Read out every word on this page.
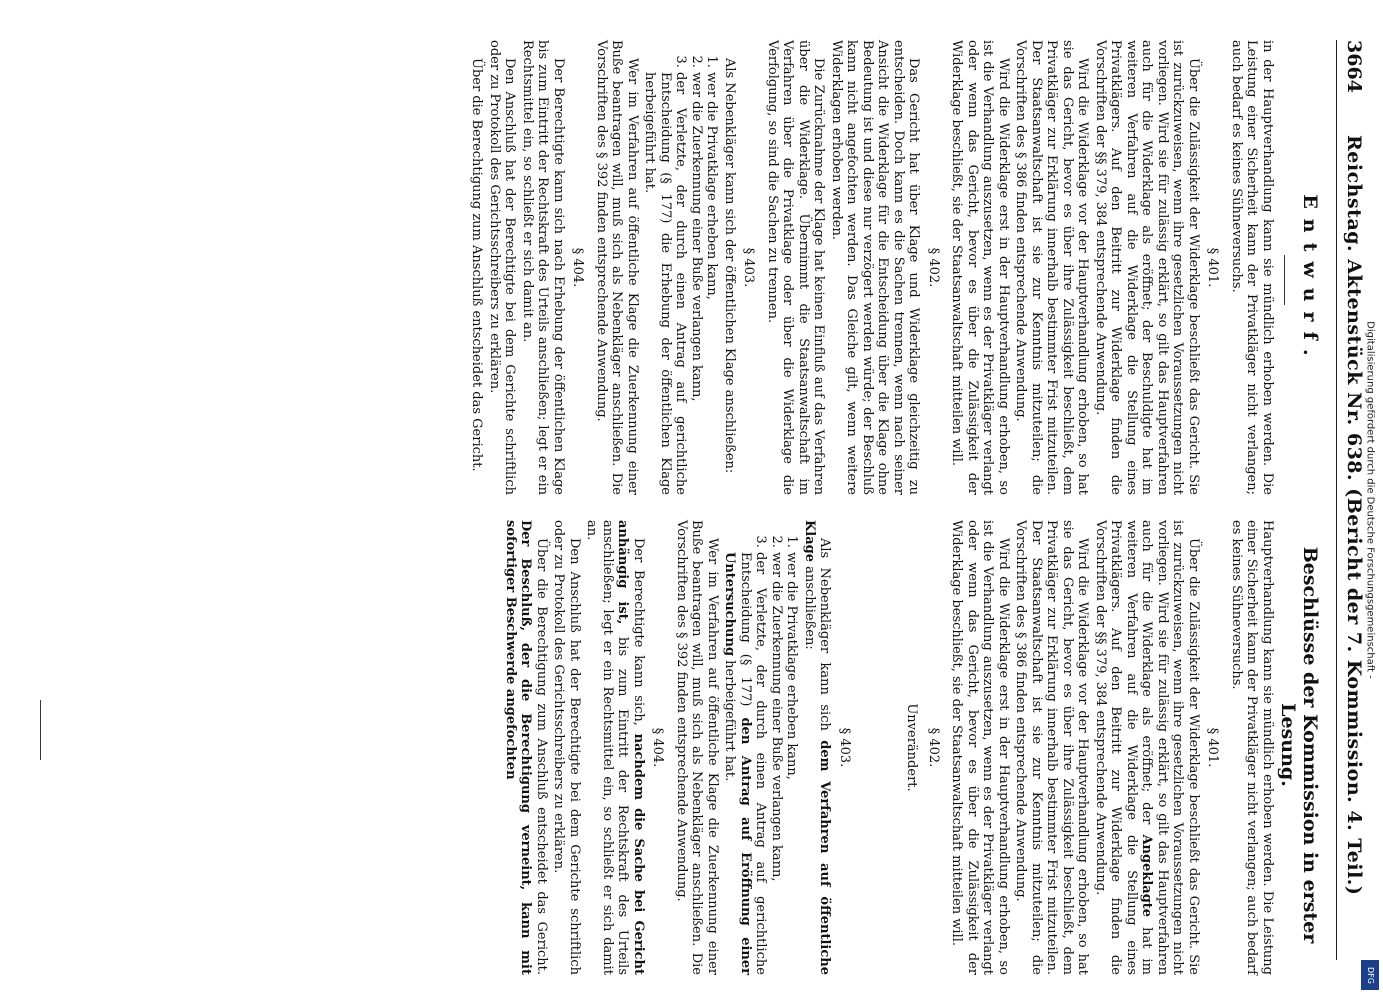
3664
Reichstag. Aktenstück Nr. 638. (Bericht der 7. Kommission. 4. Teil.)
Entwurf.
Beschlüsse der Kommission in erster Lesung.

in der Hauptverhandlung kann sie mündlich erhoben werden. Die Leistung einer Sicherheit kann der Privatkläger nicht verlangen; auch bedarf es keines Sühneversuchs.

§ 401.

Über die Zulässigkeit der Widerklage beschließt das Gericht. Sie ist zurückzuweisen, wenn ihre gesetzlichen Voraussetzungen nicht vorliegen. Wird sie für zulässig erklärt, so gilt das Hauptverfahren auch für die Widerklage als eröffnet; der Beschuldigte hat im weiteren Verfahren auf die Widerklage die Stellung eines Privatklägers. Auf den Beitritt zur Widerklage finden die Vorschriften der §§ 379, 384 entsprechende Anwendung.

Wird die Widerklage vor der Hauptverhandlung erhoben, so hat sie das Gericht, bevor es über ihre Zulässigkeit beschließt, dem Privatkläger zur Erklärung innerhalb bestimmter Frist mitzuteilen. Der Staatsanwaltschaft ist sie zur Kenntnis mitzuteilen; die Vorschriften des § 386 finden entsprechende Anwendung.

Wird die Widerklage erst in der Hauptverhandlung erhoben, so ist die Verhandlung auszusetzen, wenn es der Privatkläger verlangt oder wenn das Gericht, bevor es über die Zulässigkeit der Widerklage beschließt, sie der Staatsanwaltschaft mitteilen will.

§ 402.

Das Gericht hat über Klage und Widerklage gleichzeitig zu entscheiden. Doch kann es die Sachen trennen, wenn nach seiner Ansicht die Widerklage für die Entscheidung über die Klage ohne Bedeutung ist und diese nur verzögert werden würde; der Beschluß kann nicht angefochten werden. Das Gleiche gilt, wenn weitere Widerklagen erhoben werden.

Die Zurücknahme der Klage hat keinen Einfluß auf das Verfahren über die Widerklage. Übernimmt die Staatsanwaltschaft im Verfahren über die Privatklage oder über die Widerklage die Verfolgung, so sind die Sachen zu trennen.

§ 403.

Als Nebenkläger kann sich der öffentlichen Klage anschließen:

1. wer die Privatklage erheben kann,
2. wer die Zuerkennung einer Buße verlangen kann,
3. der Verletzte, der durch einen Antrag auf gerichtliche Entscheidung (§ 177) die Erhebung der öffentlichen Klage herbeigeführt hat.

Wer im Verfahren auf öffentliche Klage die Zuerkennung einer Buße beantragen will, muß sich als Nebenkläger anschließen. Die Vorschriften des § 392 finden entsprechende Anwendung.

§ 404.

Der Berechtigte kann sich nach Erhebung der öffentlichen Klage bis zum Eintritt der Rechtskraft des Urteils anschließen; legt er ein Rechtsmittel ein, so schließt er sich damit an.

Den Anschluß hat der Berechtigte bei dem Gerichte schriftlich oder zu Protokoll des Gerichtsschreibers zu erklären.

Über die Berechtigung zum Anschluß entscheidet das Gericht.

Hauptverhandlung kann sie mündlich erhoben werden. Die Leistung einer Sicherheit kann der Privatkläger nicht verlangen; auch bedarf es keines Sühneversuchs.

§ 401.

Über die Zulässigkeit der Widerklage beschließt das Gericht. Sie ist zurückzuweisen, wenn ihre gesetzlichen Voraussetzungen nicht vorliegen. Wird sie für zulässig erklärt, so gilt das Hauptverfahren auch für die Widerklage als eröffnet; der Angeklagte hat im weiteren Verfahren auf die Widerklage die Stellung eines Privatklägers. Auf den Beitritt zur Widerklage finden die Vorschriften der §§ 379, 384 entsprechende Anwendung.

Wird die Widerklage vor der Hauptverhandlung erhoben, so hat sie das Gericht, bevor es über ihre Zulässigkeit beschließt, dem Privatkläger zur Erklärung innerhalb bestimmter Frist mitzuteilen. Der Staatsanwaltschaft ist sie zur Kenntnis mitzuteilen; die Vorschriften des § 386 finden entsprechende Anwendung.

Wird die Widerklage erst in der Hauptverhandlung erhoben, so ist die Verhandlung auszusetzen, wenn es der Privatkläger verlangt oder wenn das Gericht, bevor es über die Zulässigkeit der Widerklage beschließt, sie der Staatsanwaltschaft mitteilen will.

§ 402.
Unverändert.
§ 403.

Als Nebenkläger kann sich dem Verfahren auf öffentliche Klage anschließen:

1. wer die Privatklage erheben kann,
2. wer die Zuerkennung einer Buße verlangen kann,
3. der Verletzte, der durch einen Antrag auf gerichtliche Entscheidung (§ 177) den Antrag auf Eröffnung einer Untersuchung herbeigeführt hat.

Wer im Verfahren auf öffentliche Klage die Zuerkennung einer Buße beantragen will, muß sich als Nebenkläger anschließen. Die Vorschriften des § 392 finden entsprechende Anwendung.

§ 404.

Der Berechtigte kann sich, nachdem die Sache bei Gericht anhängig ist, bis zum Eintritt der Rechtskraft des Urteils anschließen; legt er ein Rechtsmittel ein, so schließt er sich damit an.

Den Anschluß hat der Berechtigte bei dem Gerichte schriftlich oder zu Protokoll des Gerichtsschreibers zu erklären.

Über die Berechtigung zum Anschluß entscheidet das Gericht. Der Beschluß, der die Berechtigung verneint, kann mit sofortiger Beschwerde angefochten	Digitalisierung gefördert durch die Deutsche Forschungsgemeinschaft -
DFG
